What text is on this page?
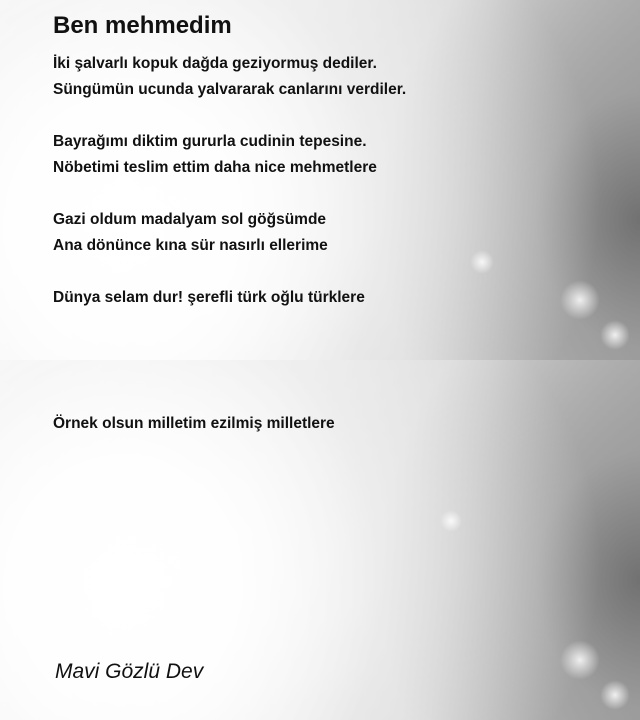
Ben mehmedim

İki şalvarlı kopuk dağda geziyormuş dediler.

Süngümün ucunda yalvararak canlarını verdiler.

Bayrağımı diktim gururla cudinin tepesine.

Nöbetimi teslim ettim daha nice mehmetlere

Gazi oldum madalyam sol göğsümde

Ana dönünce kına sür nasırlı ellerime

Dünya selam dur! şerefli türk oğlu türklere

Örnek olsun milletim ezilmiş milletlere

Mavi Gözlü Dev
